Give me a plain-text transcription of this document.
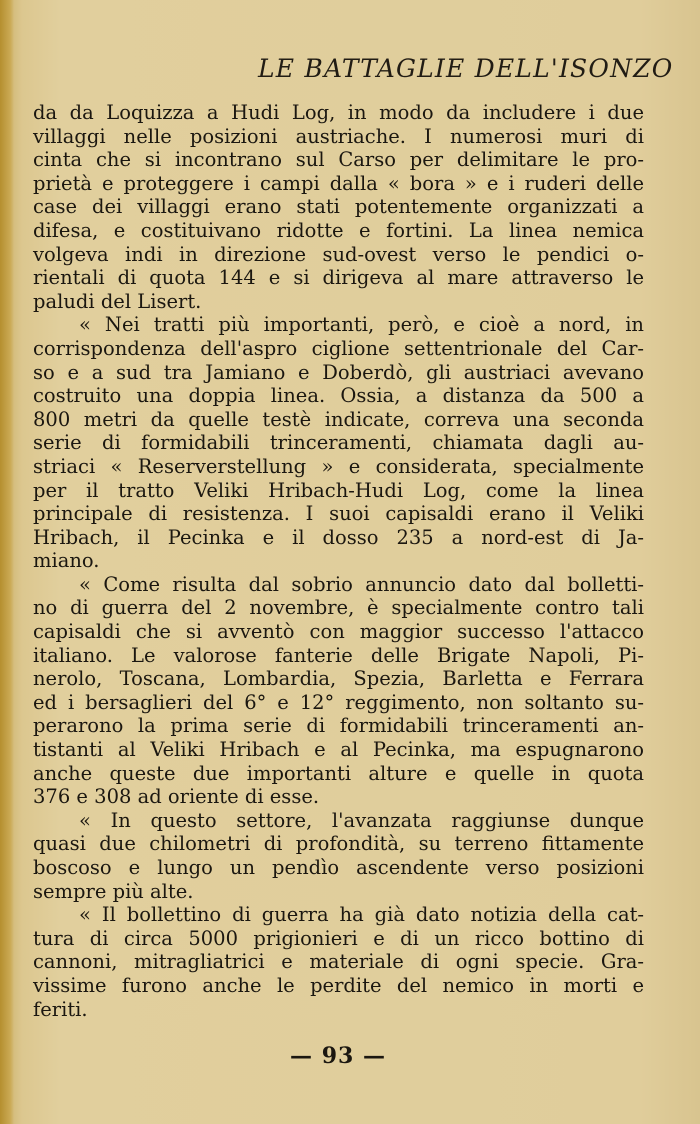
LE BATTAGLIE DELL'ISONZO
da da Loquizza a Hudi Log, in modo da includere i due
villaggi nelle posizioni austriache. I numerosi muri di
cinta che si incontrano sul Carso per delimitare le pro-
prietà e proteggere i campi dalla « bora » e i ruderi delle
case dei villaggi erano stati potentemente organizzati a
difesa, e costituivano ridotte e fortini. La linea nemica
volgeva indi in direzione sud-ovest verso le pendici o-
rientali di quota 144 e si dirigeva al mare attraverso le
paludi del Lisert.
« Nei tratti più importanti, però, e cioè a nord, in
corrispondenza dell'aspro ciglione settentrionale del Car-
so e a sud tra Jamiano e Doberdò, gli austriaci avevano
costruito una doppia linea. Ossia, a distanza da 500 a
800 metri da quelle testè indicate, correva una seconda
serie di formidabili trinceramenti, chiamata dagli au-
striaci « Reserverstellung » e considerata, specialmente
per il tratto Veliki Hribach-Hudi Log, come la linea
principale di resistenza. I suoi capisaldi erano il Veliki
Hribach, il Pecinka e il dosso 235 a nord-est di Ja-
miano.
« Come risulta dal sobrio annuncio dato dal bolletti-
no di guerra del 2 novembre, è specialmente contro tali
capisaldi che si avventò con maggior successo l'attacco
italiano. Le valorose fanterie delle Brigate Napoli, Pi-
nerolo, Toscana, Lombardia, Spezia, Barletta e Ferrara
ed i bersaglieri del 6° e 12° reggimento, non soltanto su-
perarono la prima serie di formidabili trinceramenti an-
tistanti al Veliki Hribach e al Pecinka, ma espugnarono
anche queste due importanti alture e quelle in quota
376 e 308 ad oriente di esse.
« In questo settore, l'avanzata raggiunse dunque
quasi due chilometri di profondità, su terreno fittamente
boscoso e lungo un pendìo ascendente verso posizioni
sempre più alte.
« Il bollettino di guerra ha già dato notizia della cat-
tura di circa 5000 prigionieri e di un ricco bottino di
cannoni, mitragliatrici e materiale di ogni specie. Gra-
vissime furono anche le perdite del nemico in morti e
feriti.
— 93 —
